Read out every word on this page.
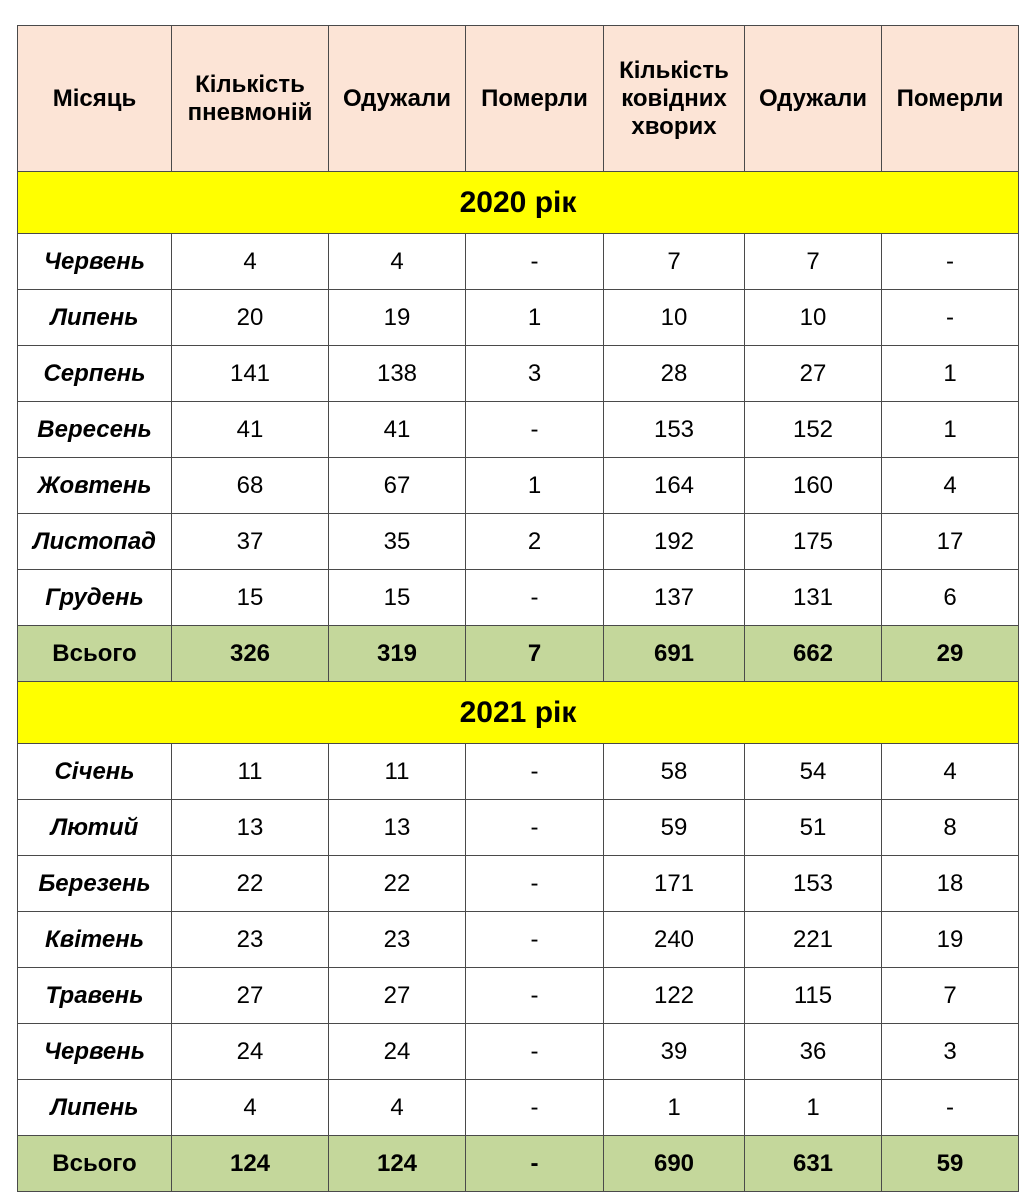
Місяць	Кількість пневмоній	Одужали	Померли	Кількість ковідних хворих	Одужали	Померли
2020 рік						
Червень	4	4	-	7	7	-
Липень	20	19	1	10	10	-
Серпень	141	138	3	28	27	1
Вересень	41	41	-	153	152	1
Жовтень	68	67	1	164	160	4
Листопад	37	35	2	192	175	17
Грудень	15	15	-	137	131	6
Всього	326	319	7	691	662	29
2021 рік						
Січень	11	11	-	58	54	4
Лютий	13	13	-	59	51	8
Березень	22	22	-	171	153	18
Квітень	23	23	-	240	221	19
Травень	27	27	-	122	115	7
Червень	24	24	-	39	36	3
Липень	4	4	-	1	1	-
Всього	124	124	-	690	631	59
